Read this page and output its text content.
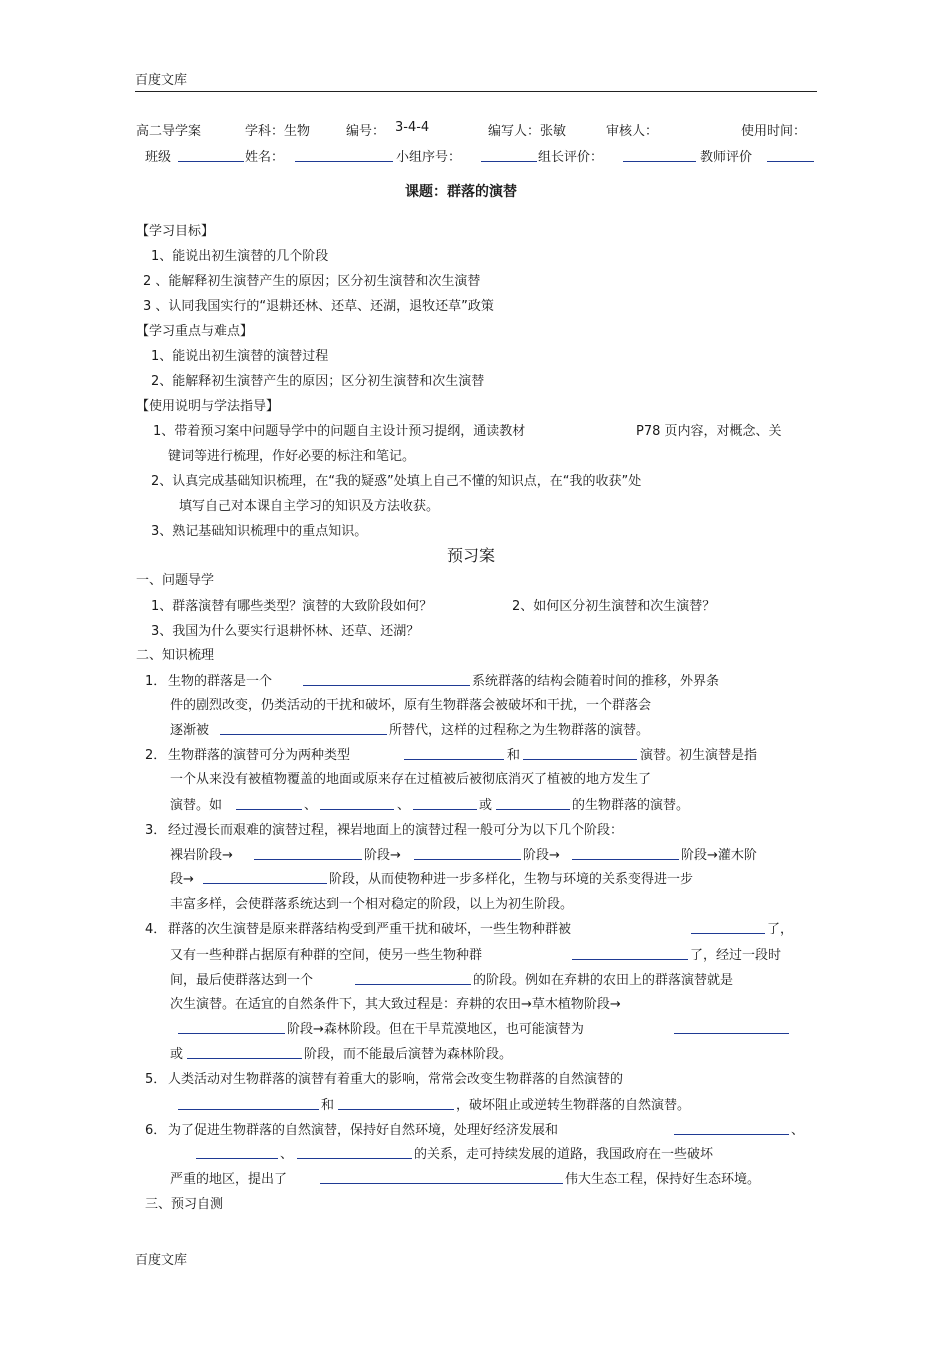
百度文库
高二导学案	学科：生物	编号： 3-4-4	编写人：张敏	审核人：	使用时间：
班级	姓名：	小组序号：	组长评价：	教师评价
课题：群落的演替
【学习目标】
1、能说出初生演替的几个阶段
2 、能解释初生演替产生的原因；区分初生演替和次生演替
3 、认同我国实行的“退耕还林、还草、还湖，退牧还草”政策
【学习重点与难点】
1、能说出初生演替的演替过程
2、能解释初生演替产生的原因；区分初生演替和次生演替
【使用说明与学法指导】
1、带着预习案中问题导学中的问题自主设计预习提纲，通读教材	P78 页内容，对概念、关
键词等进行梳理，作好必要的标注和笔记。
2、认真完成基础知识梳理，在“我的疑惑”处填上自己不懂的知识点，在“我的收获”处
填写自己对本课自主学习的知识及方法收获。
3、熟记基础知识梳理中的重点知识。
预习案
一、问题导学
1、群落演替有哪些类型？演替的大致阶段如何？	2、如何区分初生演替和次生演替？
3、我国为什么要实行退耕怀林、还草、还湖？
二、知识梳理
1． 生物的群落是一个	系统群落的结构会随着时间的推移，外界条
件的剧烈改变，仍类活动的干扰和破坏，原有生物群落会被破坏和干扰，一个群落会
逐渐被	所替代，这样的过程称之为生物群落的演替。
2． 生物群落的演替可分为两种类型	和	演替。初生演替是指
一个从来没有被植物覆盖的地面或原来存在过植被后被彻底消灭了植被的地方发生了
演替。如	、	、	或	的生物群落的演替。
3． 经过漫长而艰难的演替过程，裸岩地面上的演替过程一般可分为以下几个阶段：
裸岩阶段→	阶段→	阶段→	阶段→灌木阶
段→	阶段，从而使物种进一步多样化，生物与环境的关系变得进一步
丰富多样，会使群落系统达到一个相对稳定的阶段，以上为初生阶段。
4． 群落的次生演替是原来群落结构受到严重干扰和破坏，一些生物种群被	了，
又有一些种群占据原有种群的空间，使另一些生物种群	了，经过一段时
间，最后使群落达到一个	的阶段。例如在弃耕的农田上的群落演替就是
次生演替。在适宜的自然条件下，其大致过程是：弃耕的农田→草木植物阶段→
阶段→森林阶段。但在干旱荒漠地区，也可能演替为
或	阶段，而不能最后演替为森林阶段。
5． 人类活动对生物群落的演替有着重大的影响，常常会改变生物群落的自然演替的
和	，破坏阻止或逆转生物群落的自然演替。
6． 为了促进生物群落的自然演替，保持好自然环境，处理好经济发展和	、
、	的关系，走可持续发展的道路，我国政府在一些破坏
严重的地区，提出了	伟大生态工程，保持好生态环境。
三、预习自测
百度文库
